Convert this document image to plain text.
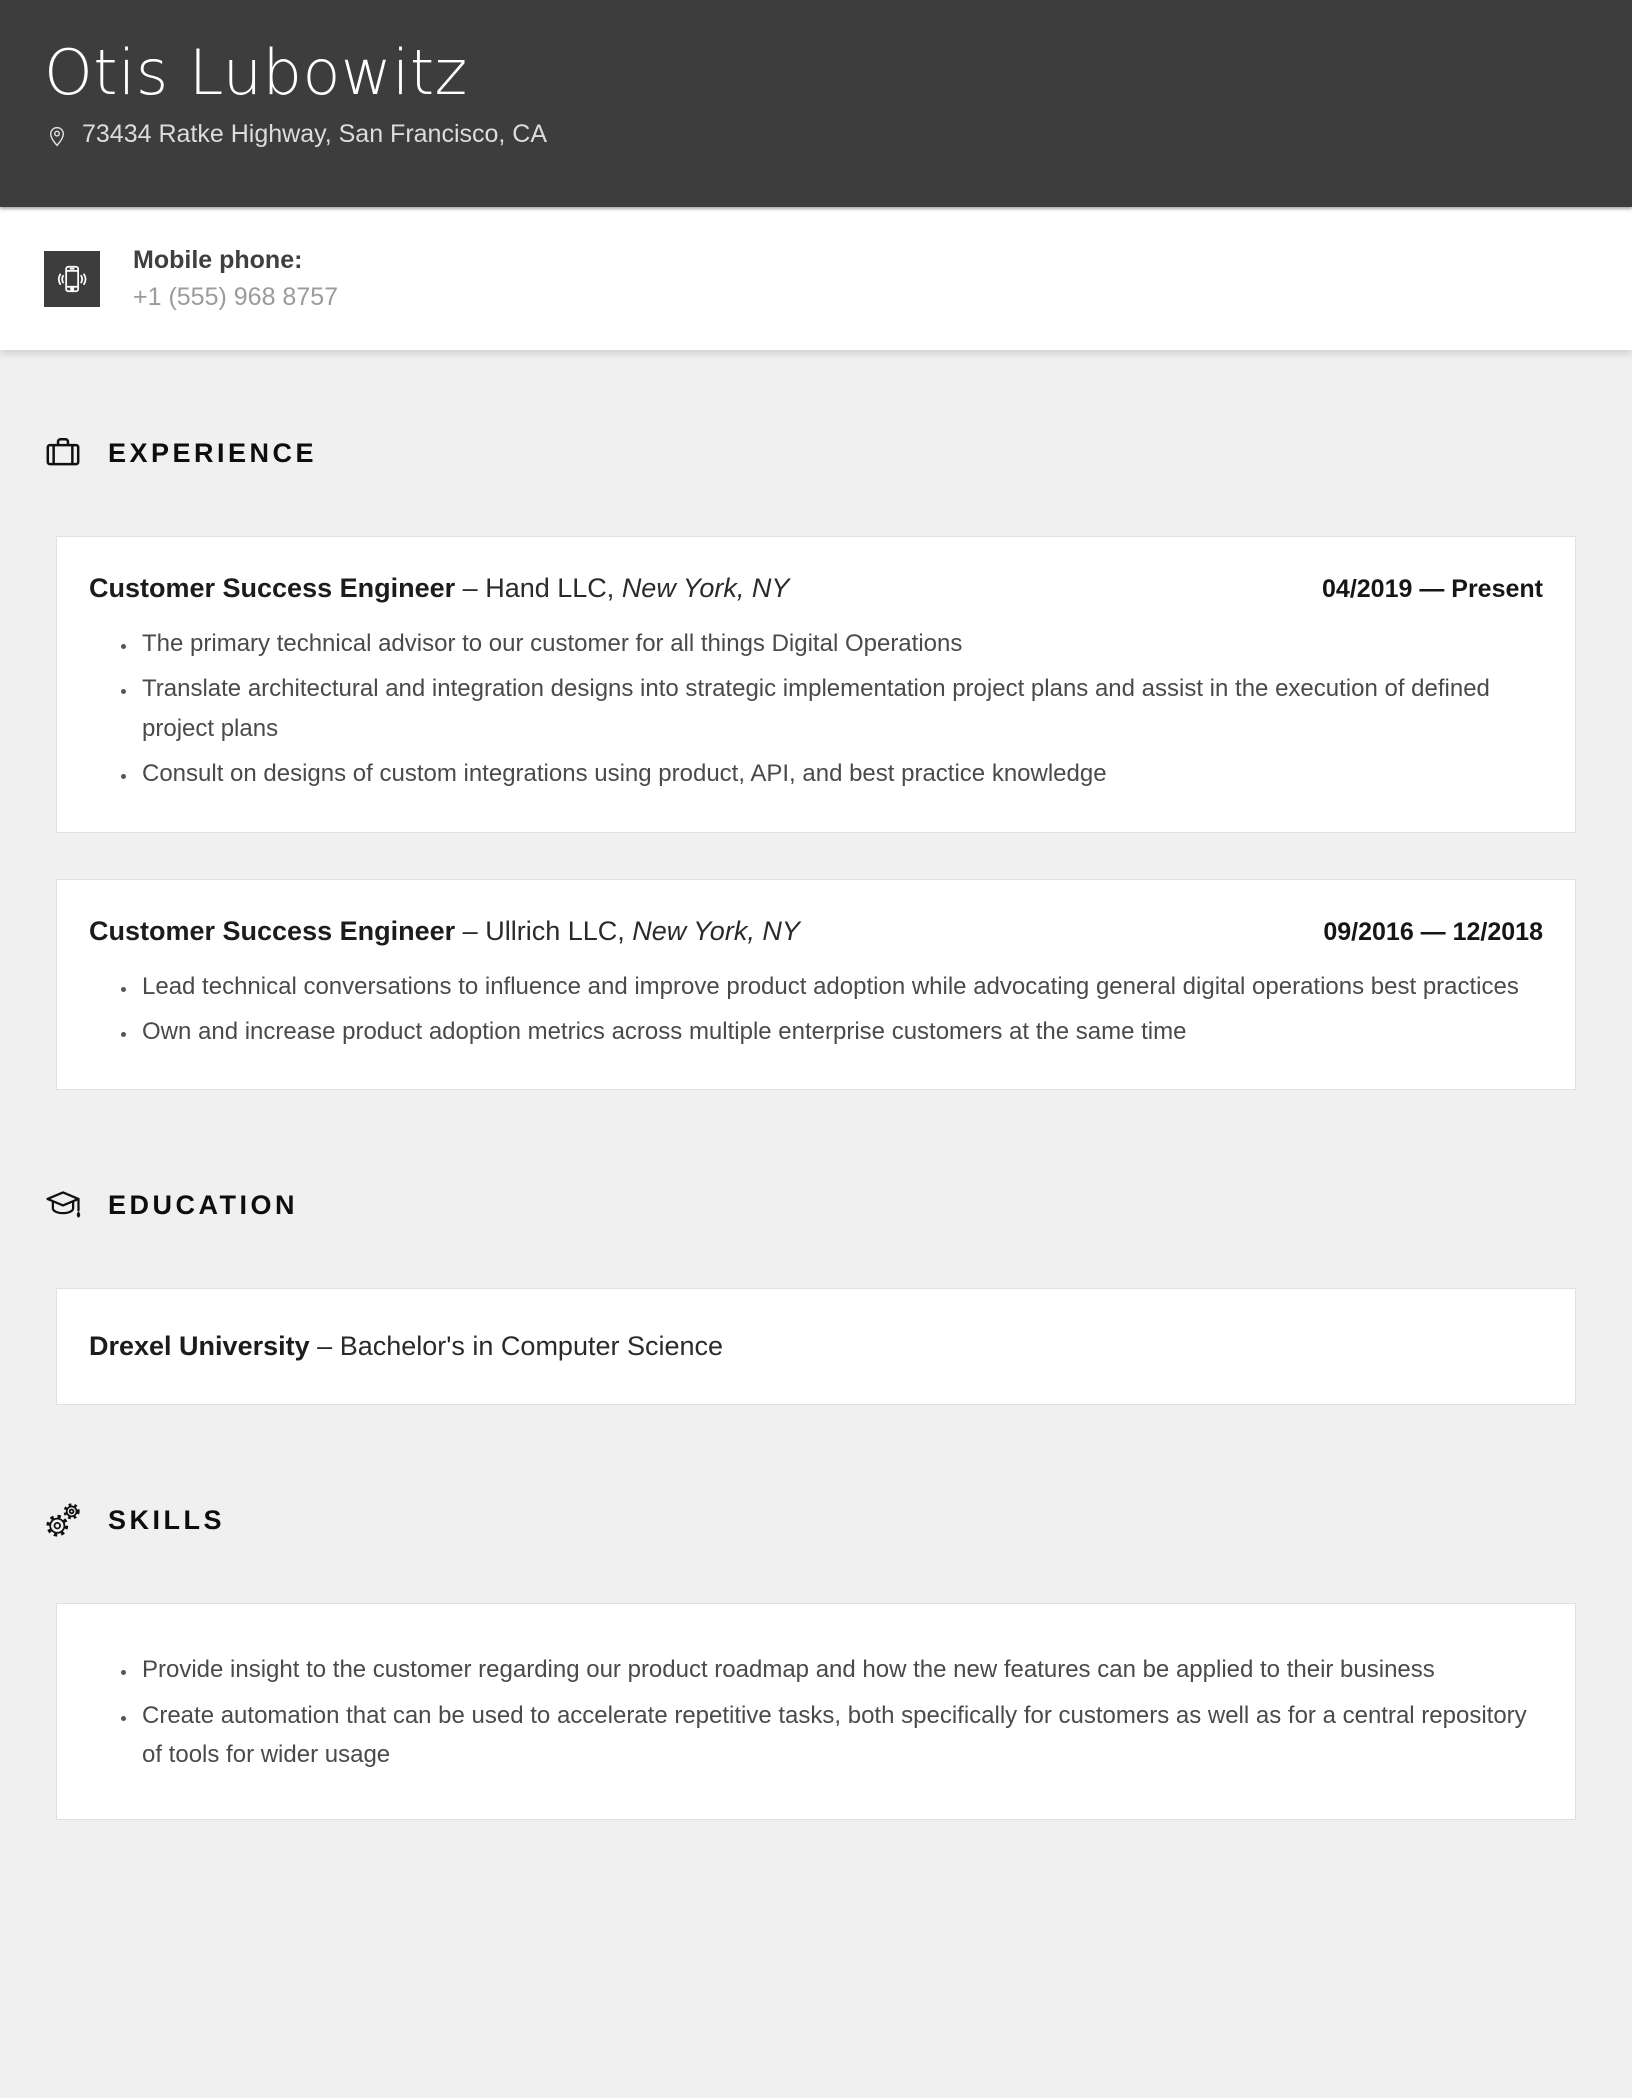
Otis Lubowitz
73434 Ratke Highway, San Francisco, CA
Mobile phone:
+1 (555) 968 8757
EXPERIENCE
Customer Success Engineer – Hand LLC, New York, NY	04/2019 — Present
• The primary technical advisor to our customer for all things Digital Operations
• Translate architectural and integration designs into strategic implementation project plans and assist in the execution of defined project plans
• Consult on designs of custom integrations using product, API, and best practice knowledge
Customer Success Engineer – Ullrich LLC, New York, NY	09/2016 — 12/2018
• Lead technical conversations to influence and improve product adoption while advocating general digital operations best practices
• Own and increase product adoption metrics across multiple enterprise customers at the same time
EDUCATION
Drexel University – Bachelor's in Computer Science
SKILLS
• Provide insight to the customer regarding our product roadmap and how the new features can be applied to their business
• Create automation that can be used to accelerate repetitive tasks, both specifically for customers as well as for a central repository of tools for wider usage
